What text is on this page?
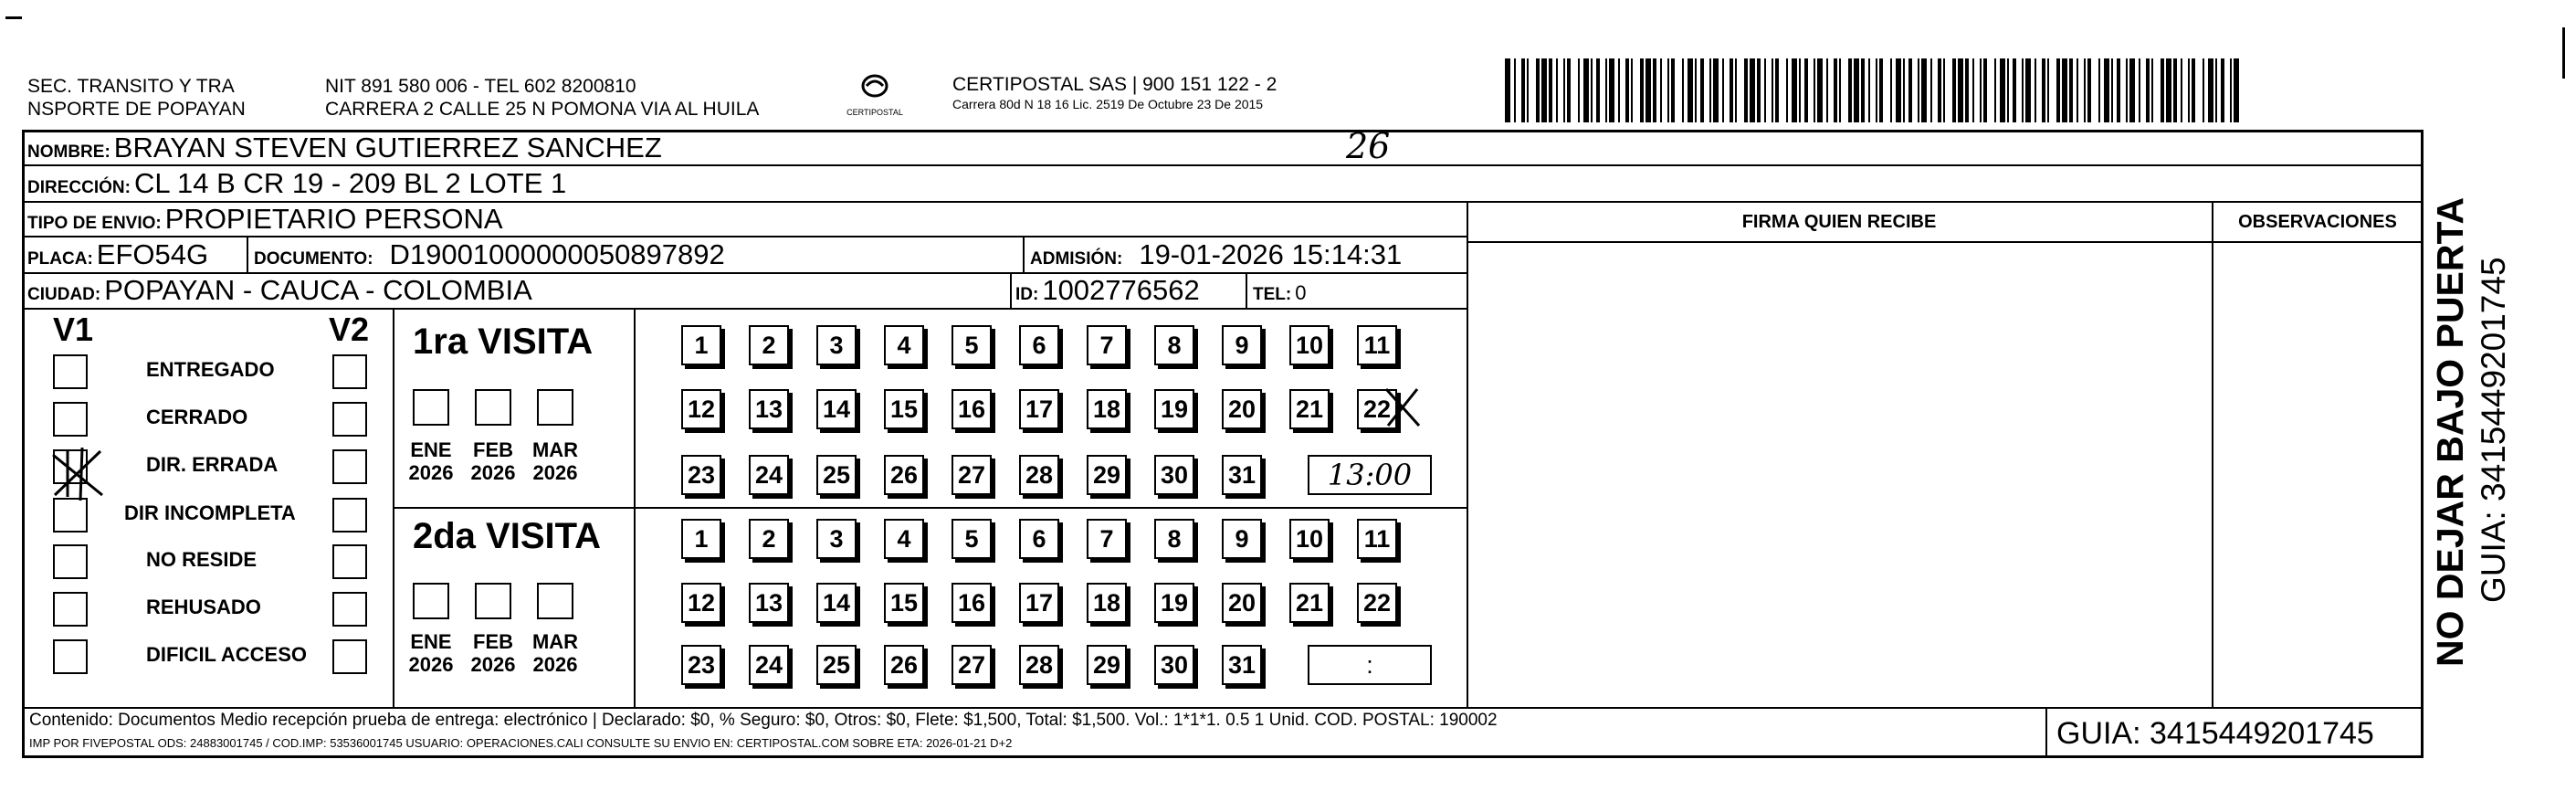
SEC. TRANSITO Y TRA
NSPORTE DE POPAYAN
NIT 891 580 006 - TEL 602 8200810
CARRERA 2 CALLE 25 N POMONA VIA AL HUILA	CERTIPOSTAL
CERTIPOSTAL SAS | 900 151 122 - 2
Carrera 80d N 18 16 Lic. 2519 De Octubre 23 De 2015
NOMBRE: BRAYAN STEVEN GUTIERREZ SANCHEZ	26
DIRECCIÓN: CL 14 B CR 19 - 209 BL 2 LOTE 1
TIPO DE ENVIO: PROPIETARIO PERSONA	FIRMA QUIEN RECIBE	OBSERVACIONES
PLACA: EFO54G	DOCUMENTO: D19001000000050897892	ADMISIÓN: 19-01-2026 15:14:31
CIUDAD: POPAYAN - CAUCA - COLOMBIA	ID: 1002776562	TEL: 0
V1	V2
ENTREGADO
CERRADO
DIR. ERRADA
DIR INCOMPLETA
NO RESIDE
REHUSADO
DIFICIL ACCESO
1ra VISITA
2da VISITA
ENE
2026
FEB
2026
MAR
2026
1	2	3	4	5	6	7	8	9	10 11
12 13 14 15 16 17 18 19 20 21 22
23 24 25 26 27 28 29 30 31	13:00
ENE
2026
FEB
2026
MAR
2026
1	2	3	4	5	6	7	8	9	10 11
12 13 14 15 16 17 18 19 20 21 22
23 24 25 26 27 28 29 30 31	:
Contenido: Documentos Medio recepción prueba de entrega: electrónico | Declarado: $0, % Seguro: $0, Otros: $0, Flete: $1,500, Total: $1,500. Vol.: 1*1*1. 0.5 1 Unid. COD. POSTAL: 190002
IMP POR FIVEPOSTAL ODS: 24883001745 / COD.IMP: 53536001745 USUARIO: OPERACIONES.CALI CONSULTE SU ENVIO EN: CERTIPOSTAL.COM SOBRE ETA: 2026-01-21 D+2	GUIA: 3415449201745
NO DEJAR BAJO PUERTA GUIA: 3415449201745
